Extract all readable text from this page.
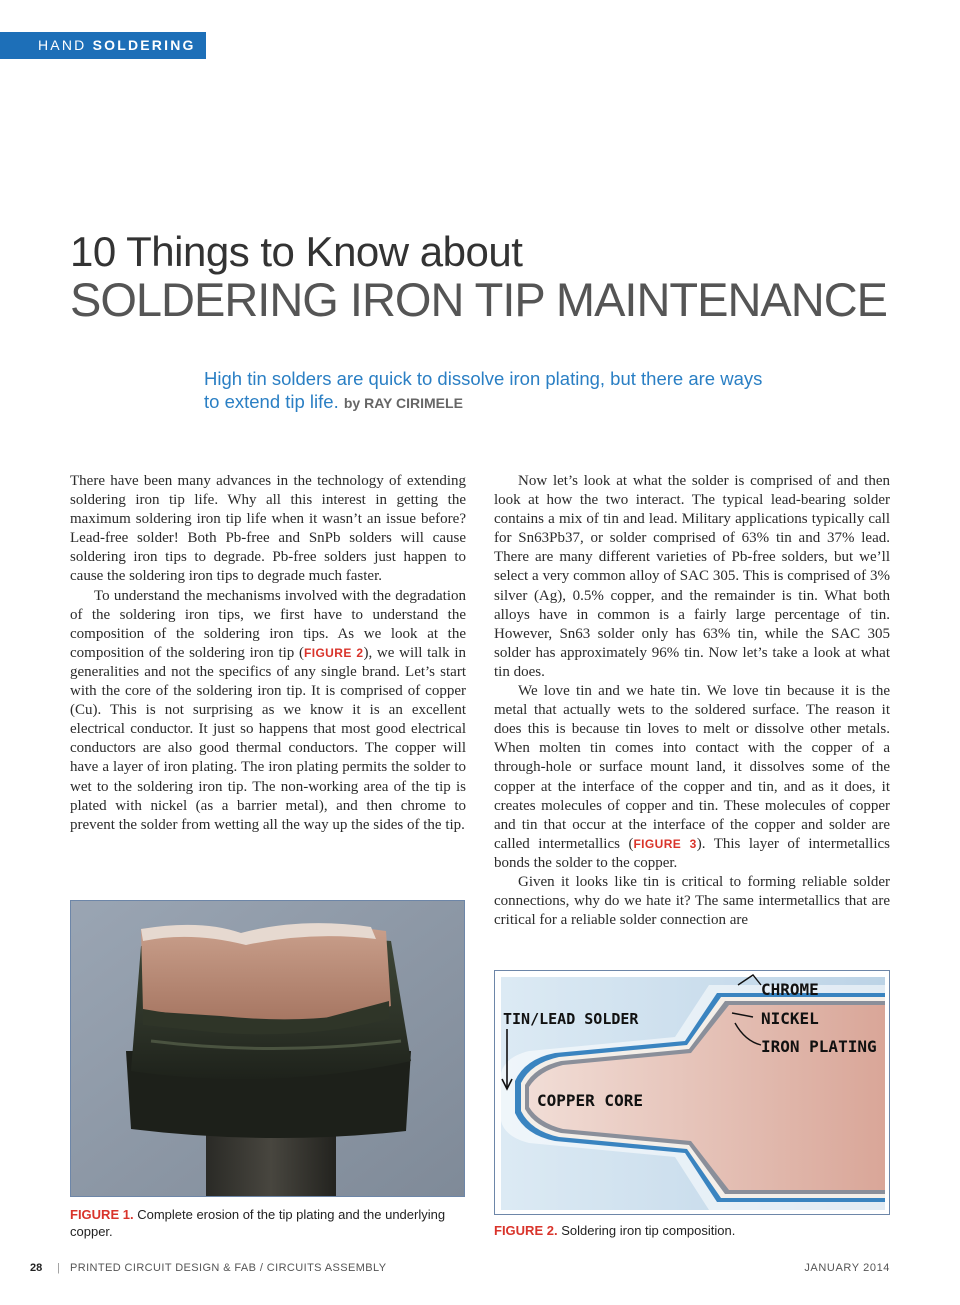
HAND SOLDERING
10 Things to Know about
SOLDERING IRON TIP MAINTENANCE
High tin solders are quick to dissolve iron plating, but there are ways to extend tip life. by RAY CIRIMELE

There have been many advances in the technology of extending soldering iron tip life. Why all this interest in getting the maximum soldering iron tip life when it wasn’t an issue before? Lead-free solder! Both Pb-free and SnPb solders will cause soldering iron tips to degrade. Pb-free solders just happen to cause the soldering iron tips to degrade much faster.

To understand the mechanisms involved with the degradation of the soldering iron tips, we first have to understand the composition of the soldering iron tips. As we look at the composition of the soldering iron tip (FIGURE 2), we will talk in generalities and not the specifics of any single brand. Let’s start with the core of the soldering iron tip. It is comprised of copper (Cu). This is not surprising as we know it is an excellent electrical conductor. It just so happens that most good electrical conductors are also good thermal conductors. The copper will have a layer of iron plating. The iron plating permits the solder to wet to the soldering iron tip. The non-working area of the tip is plated with nickel (as a barrier metal), and then chrome to prevent the solder from wetting all the way up the sides of the tip.

Now let’s look at what the solder is comprised of and then look at how the two interact. The typical lead-bearing solder contains a mix of tin and lead. Military applications typically call for Sn63Pb37, or solder comprised of 63% tin and 37% lead. There are many different varieties of Pb-free solders, but we’ll select a very common alloy of SAC 305. This is comprised of 3% silver (Ag), 0.5% copper, and the remainder is tin. What both alloys have in common is a fairly large percentage of tin. However, Sn63 solder only has 63% tin, while the SAC 305 solder has approximately 96% tin. Now let’s take a look at what tin does.

We love tin and we hate tin. We love tin because it is the metal that actually wets to the soldered surface. The reason it does this is because tin loves to melt or dissolve other metals. When molten tin comes into contact with the copper of a through-hole or surface mount land, it dissolves some of the copper at the interface of the copper and tin, and as it does, it creates molecules of copper and tin. These molecules of copper and tin that occur at the interface of the copper and solder are called intermetallics (FIGURE 3). This layer of intermetallics bonds the solder to the copper.

Given it looks like tin is critical to forming reliable solder connections, why do we hate it? The same intermetallics that are critical for a reliable solder connection are

CHROME
NICKEL
IRON PLATING
TIN/LEAD SOLDER
COPPER CORE
FIGURE 1. Complete erosion of the tip plating and the underlying copper.	FIGURE 2. Soldering iron tip composition.
28 | PRINTED CIRCUIT DESIGN & FAB / CIRCUITS ASSEMBLY	JANUARY 2014
